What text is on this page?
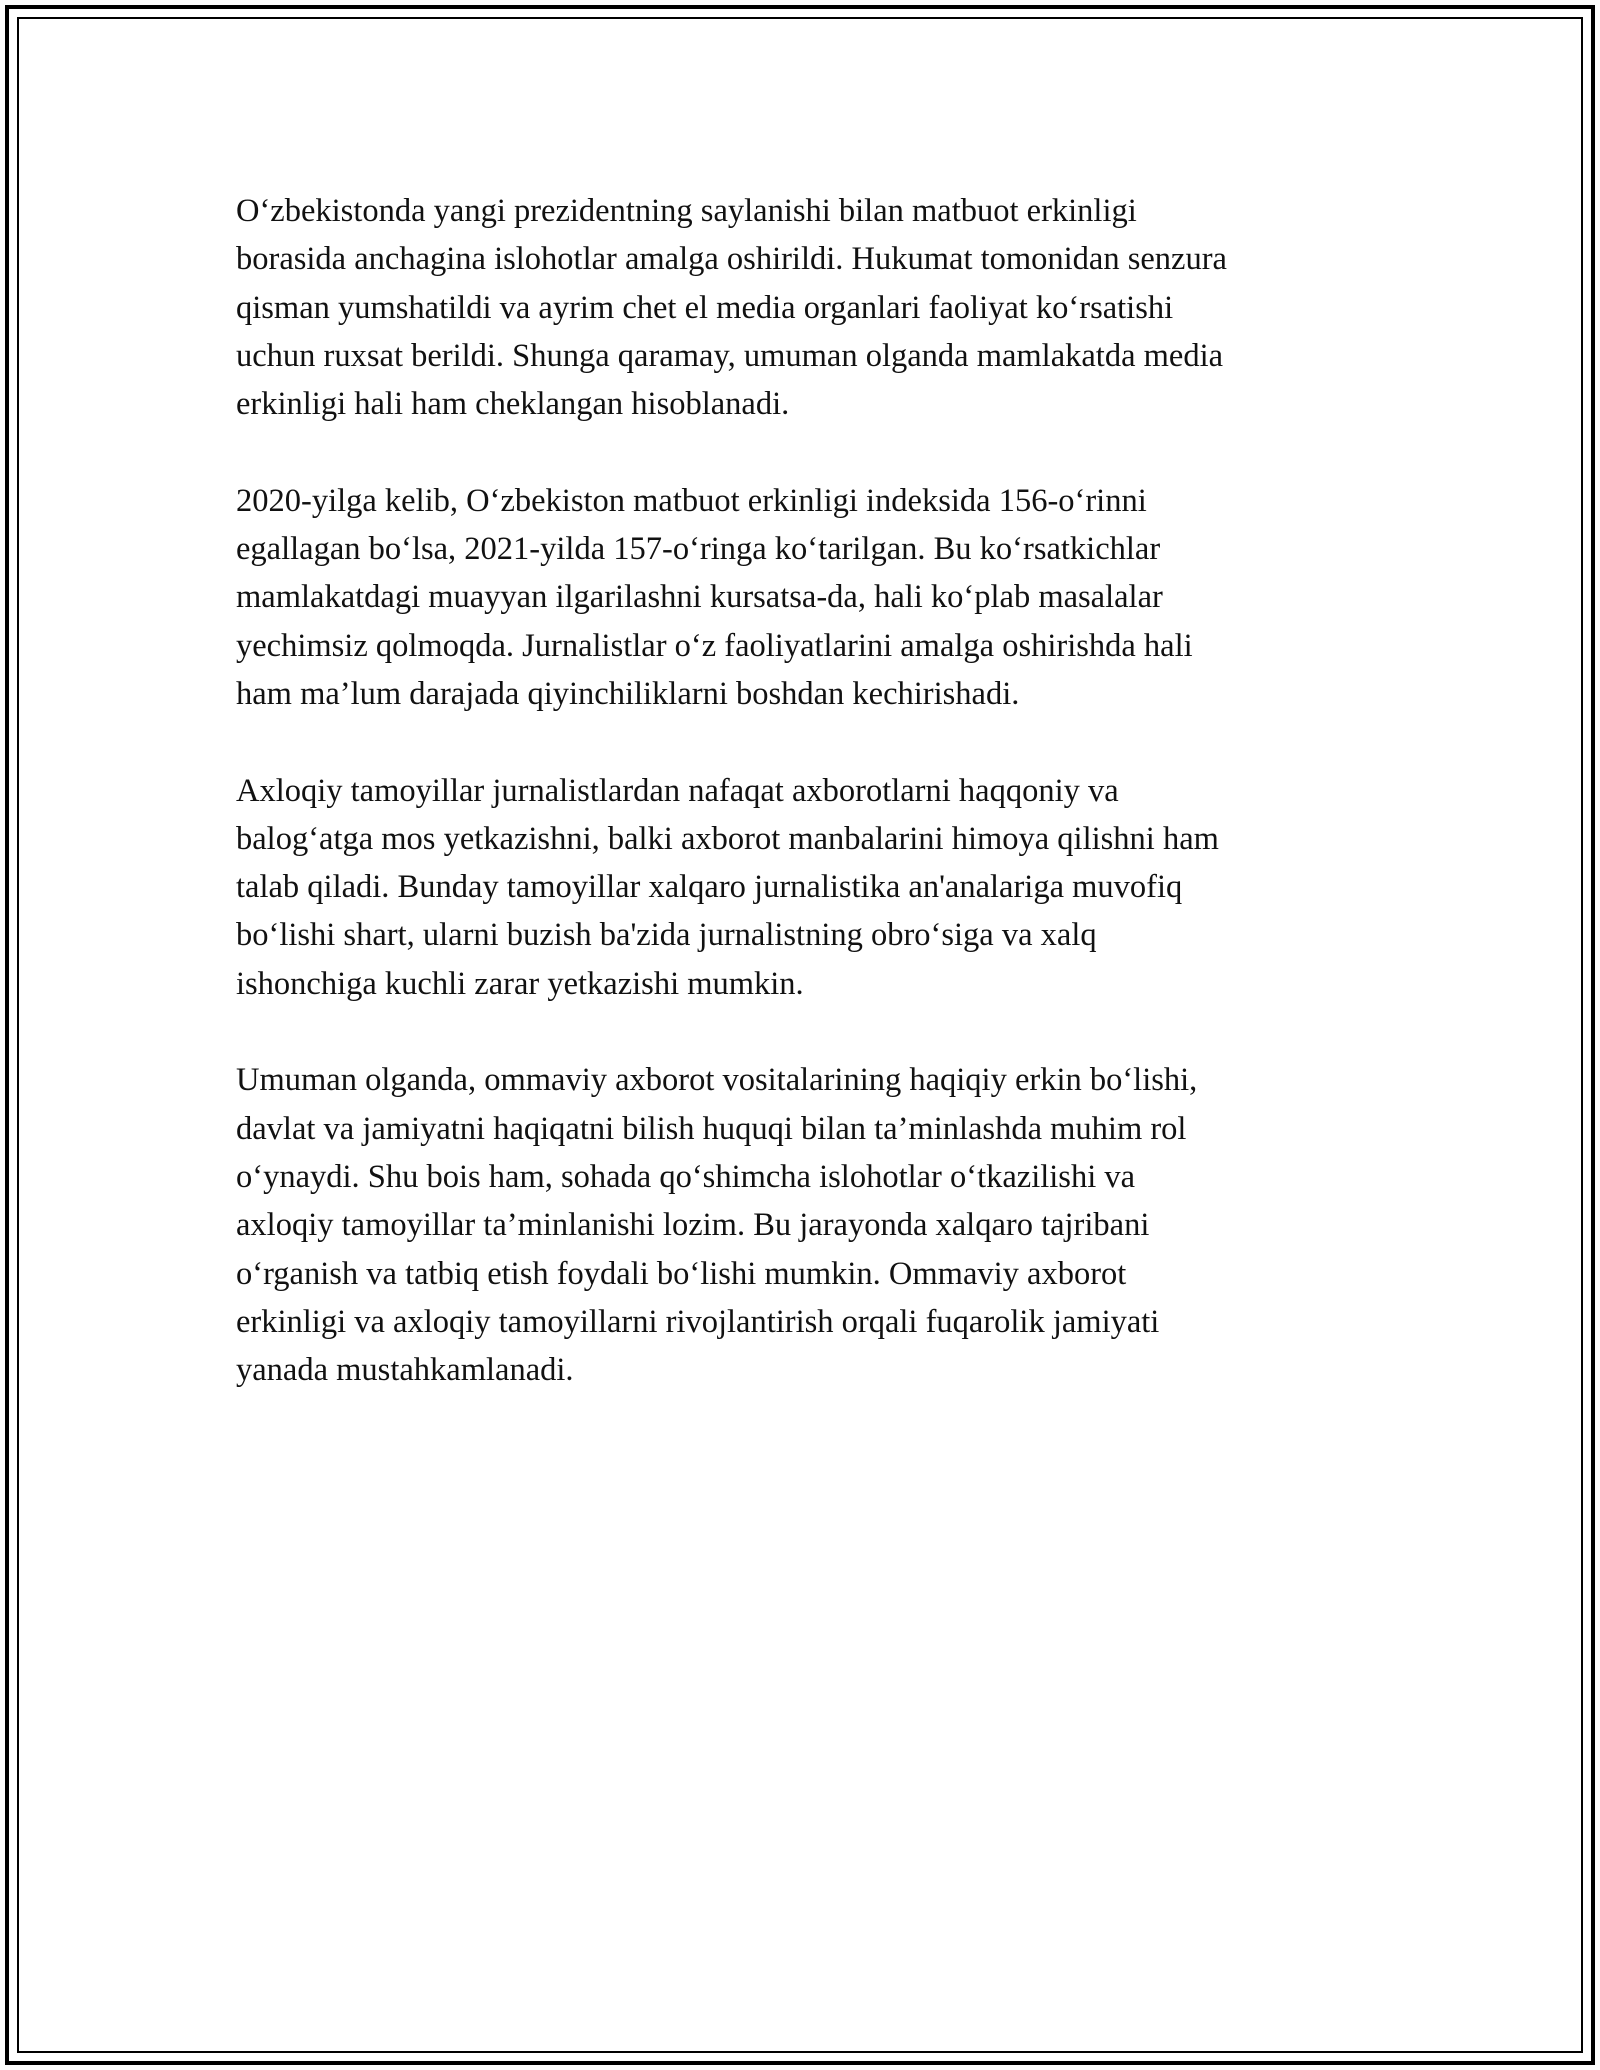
O‘zbekistonda yangi prezidentning saylanishi bilan matbuot erkinligi
borasida anchagina islohotlar amalga oshirildi. Hukumat tomonidan senzura
qisman yumshatildi va ayrim chet el media organlari faoliyat ko‘rsatishi
uchun ruxsat berildi. Shunga qaramay, umuman olganda mamlakatda media
erkinligi hali ham cheklangan hisoblanadi.

2020-yilga kelib, O‘zbekiston matbuot erkinligi indeksida 156-o‘rinni
egallagan bo‘lsa, 2021-yilda 157-o‘ringa ko‘tarilgan. Bu ko‘rsatkichlar
mamlakatdagi muayyan ilgarilashni kursatsa-da, hali ko‘plab masalalar
yechimsiz qolmoqda. Jurnalistlar o‘z faoliyatlarini amalga oshirishda hali
ham ma’lum darajada qiyinchiliklarni boshdan kechirishadi.

Axloqiy tamoyillar jurnalistlardan nafaqat axborotlarni haqqoniy va
balog‘atga mos yetkazishni, balki axborot manbalarini himoya qilishni ham
talab qiladi. Bunday tamoyillar xalqaro jurnalistika an'analariga muvofiq
bo‘lishi shart, ularni buzish ba'zida jurnalistning obro‘siga va xalq
ishonchiga kuchli zarar yetkazishi mumkin.

Umuman olganda, ommaviy axborot vositalarining haqiqiy erkin bo‘lishi,
davlat va jamiyatni haqiqatni bilish huquqi bilan ta’minlashda muhim rol
o‘ynaydi. Shu bois ham, sohada qo‘shimcha islohotlar o‘tkazilishi va
axloqiy tamoyillar ta’minlanishi lozim. Bu jarayonda xalqaro tajribani
o‘rganish va tatbiq etish foydali bo‘lishi mumkin. Ommaviy axborot
erkinligi va axloqiy tamoyillarni rivojlantirish orqali fuqarolik jamiyati
yanada mustahkamlanadi.
